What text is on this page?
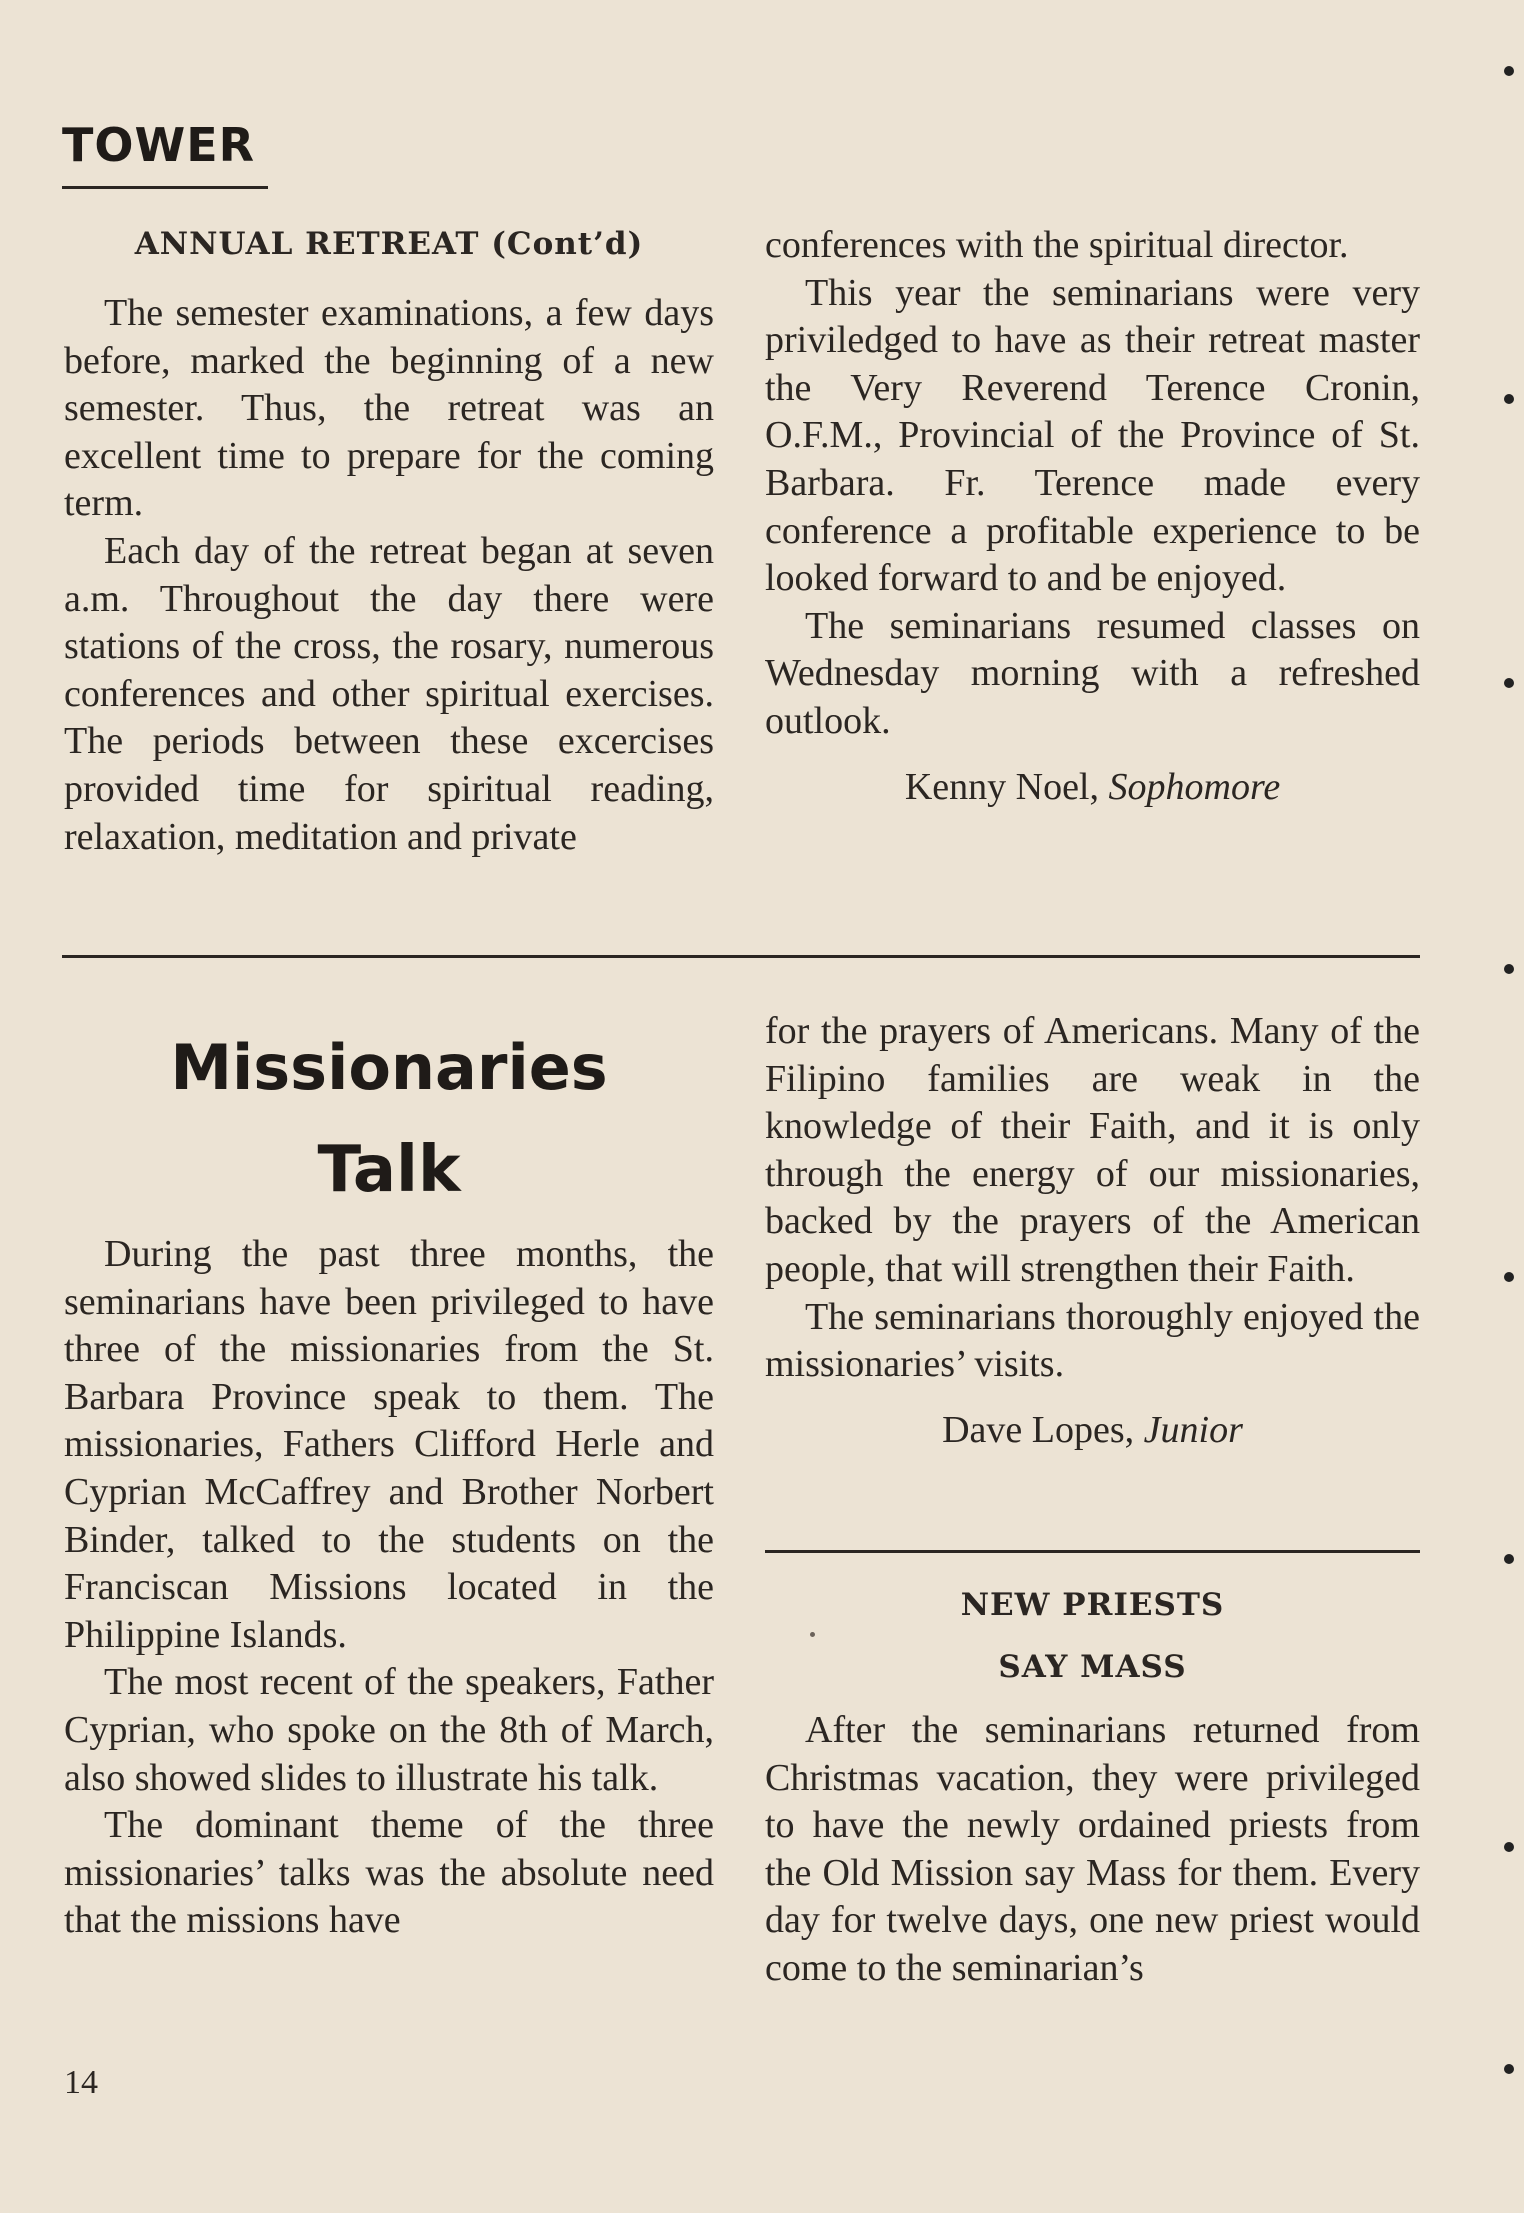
TOWER
ANNUAL RETREAT (Cont’d)

The semester examinations, a few days before, marked the beginning of a new semester. Thus, the retreat was an excellent time to prepare for the coming term.

Each day of the retreat began at seven a.m. Throughout the day there were stations of the cross, the rosary, numerous conferences and other spiritual exercises. The periods between these excercises provided time for spiritual reading, relaxation, meditation and private

conferences with the spiritual director.

This year the seminarians were very priviledged to have as their retreat master the Very Reverend Terence Cronin, O.F.M., Provincial of the Province of St. Barbara. Fr. Terence made every conference a profitable experience to be looked forward to and be enjoyed.

The seminarians resumed classes on Wednesday morning with a refreshed outlook.

Kenny Noel, Sophomore
Missionaries
Talk

During the past three months, the seminarians have been privileged to have three of the missionaries from the St. Barbara Province speak to them. The missionaries, Fathers Clifford Herle and Cyprian McCaffrey and Brother Norbert Binder, talked to the students on the Franciscan Missions located in the Philippine Islands.

The most recent of the speakers, Father Cyprian, who spoke on the 8th of March, also showed slides to illustrate his talk.

The dominant theme of the three missionaries’ talks was the absolute need that the missions have

for the prayers of Americans. Many of the Filipino families are weak in the knowledge of their Faith, and it is only through the energy of our missionaries, backed by the prayers of the American people, that will strengthen their Faith.

The seminarians thoroughly enjoyed the missionaries’ visits.

Dave Lopes, Junior
NEW PRIESTS
SAY MASS

After the seminarians returned from Christmas vacation, they were privileged to have the newly ordained priests from the Old Mission say Mass for them. Every day for twelve days, one new priest would come to the seminarian’s

14
